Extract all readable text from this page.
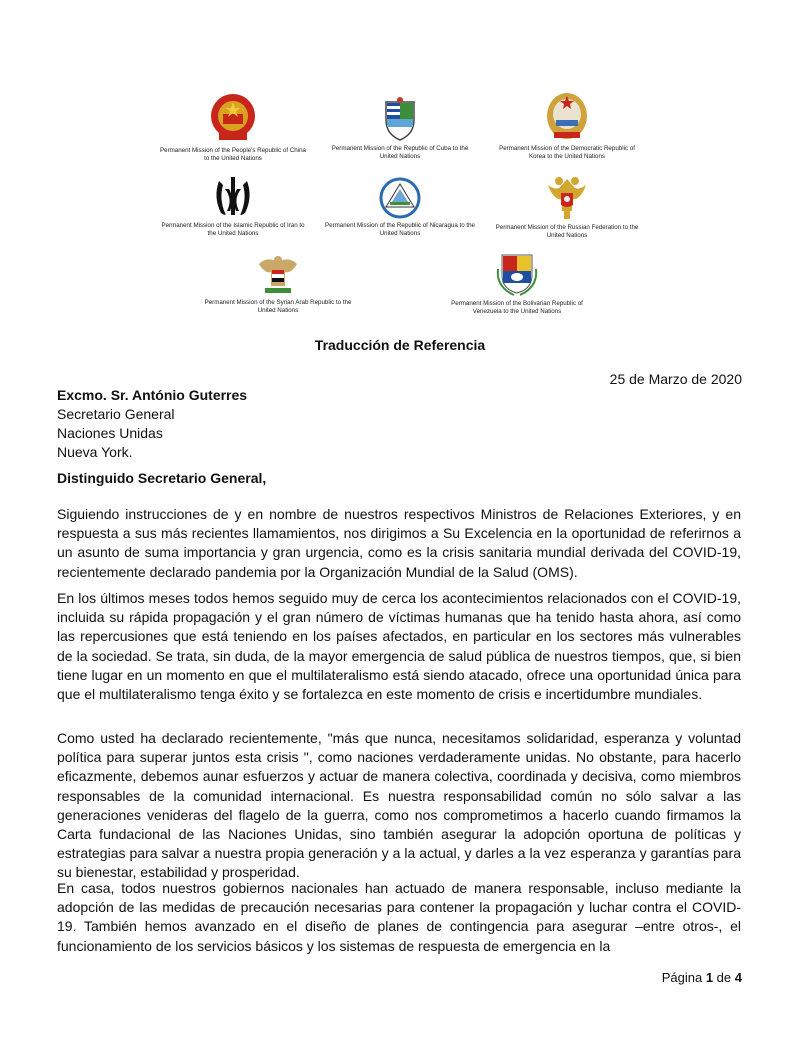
Permanent Mission of the People's Republic of China to the United Nations
Permanent Mission of the Republic of Cuba to the United Nations
Permanent Mission of the Democratic Republic of Korea to the United Nations
Permanent Mission of the Islamic Republic of Iran to the United Nations
Permanent Mission of the Republic of Nicaragua to the United Nations
Permanent Mission of the Russian Federation to the United Nations
Permanent Mission of the Syrian Arab Republic to the United Nations
Permanent Mission of the Bolivarian Republic of Venezuela to the United Nations
Traducción de Referencia
25 de Marzo de 2020
Excmo. Sr. António Guterres
Secretario General
Naciones Unidas
Nueva York.
Distinguido Secretario General,

Siguiendo instrucciones de y en nombre de nuestros respectivos Ministros de Relaciones Exteriores, y en respuesta a sus más recientes llamamientos, nos dirigimos a Su Excelencia en la oportunidad de referirnos a un asunto de suma importancia y gran urgencia, como es la crisis sanitaria mundial derivada del COVID-19, recientemente declarado pandemia por la Organización Mundial de la Salud (OMS).

En los últimos meses todos hemos seguido muy de cerca los acontecimientos relacionados con el COVID-19, incluida su rápida propagación y el gran número de víctimas humanas que ha tenido hasta ahora, así como las repercusiones que está teniendo en los países afectados, en particular en los sectores más vulnerables de la sociedad. Se trata, sin duda, de la mayor emergencia de salud pública de nuestros tiempos, que, si bien tiene lugar en un momento en que el multilateralismo está siendo atacado, ofrece una oportunidad única para que el multilateralismo tenga éxito y se fortalezca en este momento de crisis e incertidumbre mundiales.

Como usted ha declarado recientemente, "más que nunca, necesitamos solidaridad, esperanza y voluntad política para superar juntos esta crisis ", como naciones verdaderamente unidas. No obstante, para hacerlo eficazmente, debemos aunar esfuerzos y actuar de manera colectiva, coordinada y decisiva, como miembros responsables de la comunidad internacional. Es nuestra responsabilidad común no sólo salvar a las generaciones venideras del flagelo de la guerra, como nos comprometimos a hacerlo cuando firmamos la Carta fundacional de las Naciones Unidas, sino también asegurar la adopción oportuna de políticas y estrategias para salvar a nuestra propia generación y a la actual, y darles a la vez esperanza y garantías para su bienestar, estabilidad y prosperidad.

En casa, todos nuestros gobiernos nacionales han actuado de manera responsable, incluso mediante la adopción de las medidas de precaución necesarias para contener la propagación y luchar contra el COVID-19. También hemos avanzado en el diseño de planes de contingencia para asegurar –entre otros-, el funcionamiento de los servicios básicos y los sistemas de respuesta de emergencia en la

Página 1 de 4
